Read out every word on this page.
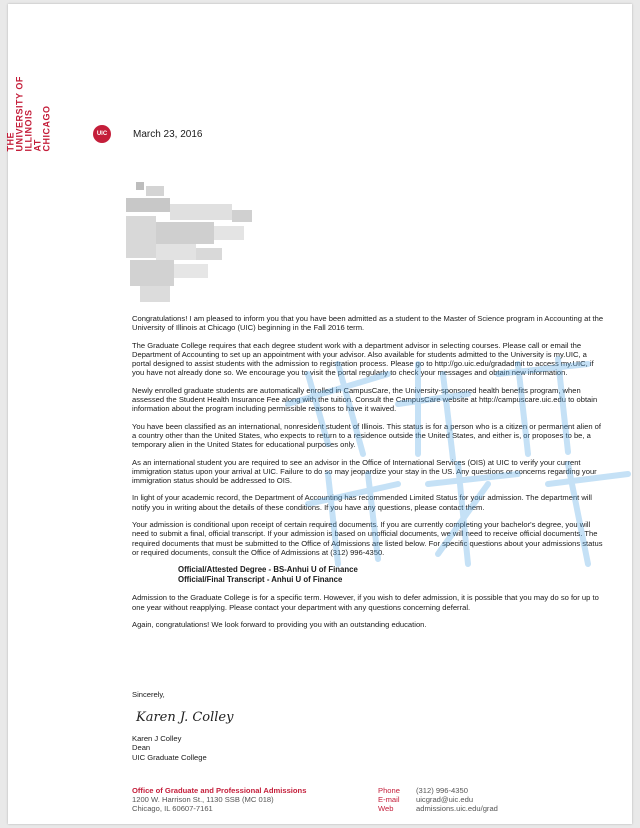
THE UNIVERSITY OF ILLINOIS AT CHICAGO	UIC	March 23, 2016

Congratulations! I am pleased to inform you that you have been admitted as a student to the Master of Science program in Accounting at the University of Illinois at Chicago (UIC) beginning in the Fall 2016 term.

The Graduate College requires that each degree student work with a department advisor in selecting courses. Please call or email the Department of Accounting to set up an appointment with your advisor. Also available for students admitted to the University is my.UIC, a portal designed to assist students with the admission to registration process. Please go to http://go.uic.edu/gradadmit to access my.UIC, if you have not already done so. We encourage you to visit the portal regularly to check your messages and obtain new information.

Newly enrolled graduate students are automatically enrolled in CampusCare, the University-sponsored health benefits program, when assessed the Student Health Insurance Fee along with the tuition. Consult the CampusCare website at http://campuscare.uic.edu to obtain information about the program including permissible reasons to have it waived.

You have been classified as an international, nonresident student of Illinois. This status is for a person who is a citizen or permanent alien of a country other than the United States, who expects to return to a residence outside the United States, and either is, or proposes to be, a temporary alien in the United States for educational purposes only.

As an international student you are required to see an advisor in the Office of International Services (OIS) at UIC to verify your current immigration status upon your arrival at UIC. Failure to do so may jeopardize your stay in the US. Any questions or concerns regarding your immigration status should be addressed to OIS.

In light of your academic record, the Department of Accounting has recommended Limited Status for your admission. The department will notify you in writing about the details of these conditions. If you have any questions, please contact them.

Your admission is conditional upon receipt of certain required documents. If you are currently completing your bachelor's degree, you will need to submit a final, official transcript. If your admission is based on unofficial documents, we will need to receive official documents. The required documents that must be submitted to the Office of Admissions are listed below. For specific questions about your admissions status or required documents, consult the Office of Admissions at (312) 996-4350.

Official/Attested Degree - BS-Anhui U of Finance
Official/Final Transcript - Anhui U of Finance

Admission to the Graduate College is for a specific term. However, if you wish to defer admission, it is possible that you may do so for up to one year without reapplying. Please contact your department with any questions concerning deferral.

Again, congratulations! We look forward to providing you with an outstanding education.

Sincerely,
Karen J. Colley
Karen J Colley
Dean
UIC Graduate College
Office of Graduate and Professional Admissions
1200 W. Harrison St., 1130 SSB (MC 018)
Chicago, IL 60607-7161
Phone	(312) 996-4350
E-mail	uicgrad@uic.edu
Web	admissions.uic.edu/grad
